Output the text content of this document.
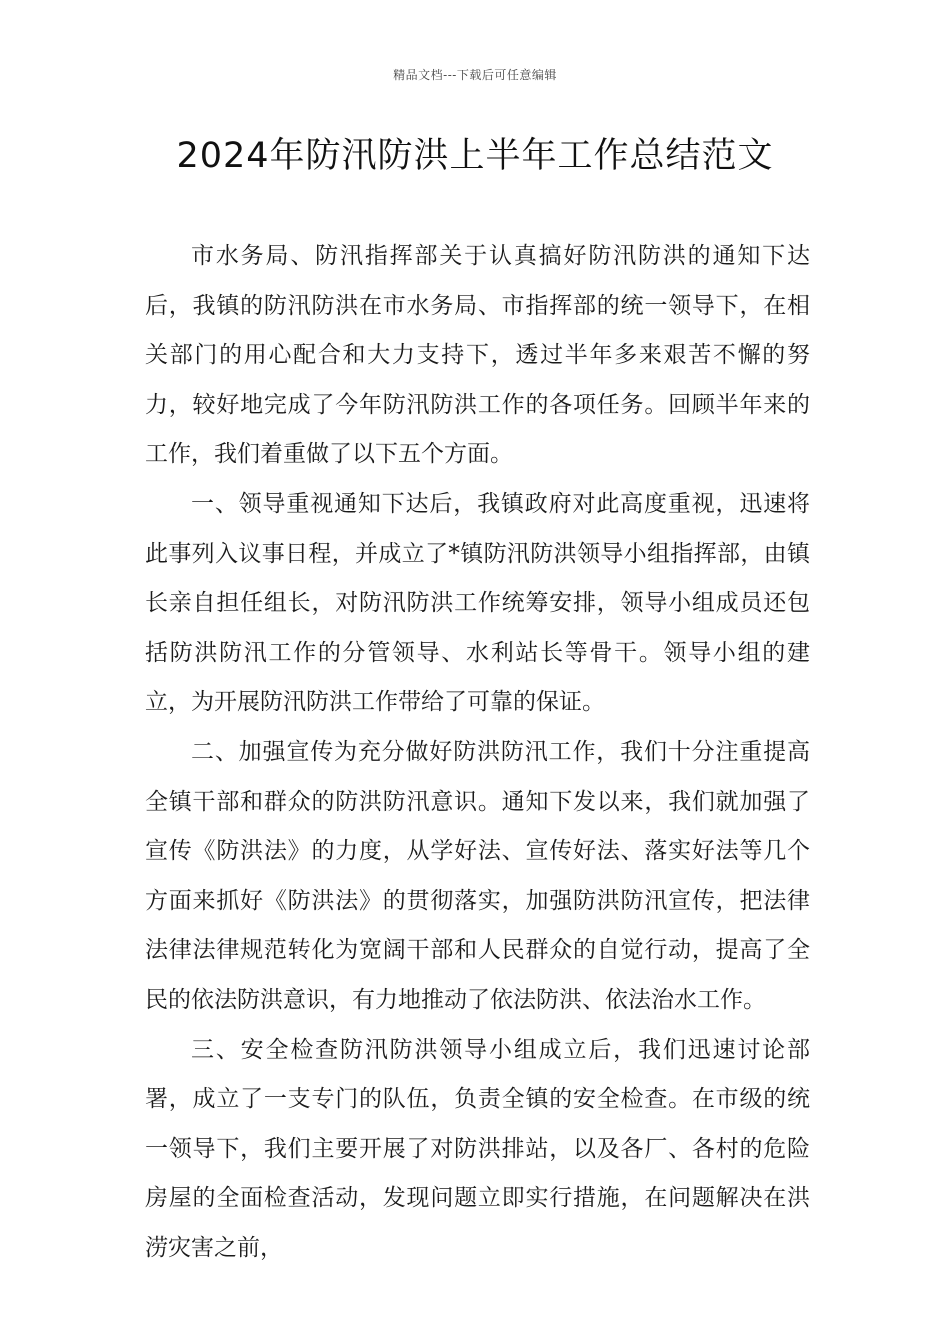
精品文档---下载后可任意编辑
2024年防汛防洪上半年工作总结范文

市水务局、防汛指挥部关于认真搞好防汛防洪的通知下达后，我镇的防汛防洪在市水务局、市指挥部的统一领导下，在相关部门的用心配合和大力支持下，透过半年多来艰苦不懈的努力，较好地完成了今年防汛防洪工作的各项任务。回顾半年来的工作，我们着重做了以下五个方面。

一、领导重视通知下达后，我镇政府对此高度重视，迅速将此事列入议事日程，并成立了*镇防汛防洪领导小组指挥部，由镇长亲自担任组长，对防汛防洪工作统筹安排，领导小组成员还包括防洪防汛工作的分管领导、水利站长等骨干。领导小组的建立，为开展防汛防洪工作带给了可靠的保证。

二、加强宣传为充分做好防洪防汛工作，我们十分注重提高全镇干部和群众的防洪防汛意识。通知下发以来，我们就加强了宣传《防洪法》的力度，从学好法、宣传好法、落实好法等几个方面来抓好《防洪法》的贯彻落实，加强防洪防汛宣传，把法律法律法律规范转化为宽阔干部和人民群众的自觉行动，提高了全民的依法防洪意识，有力地推动了依法防洪、依法治水工作。

三、安全检查防汛防洪领导小组成立后，我们迅速讨论部署，成立了一支专门的队伍，负责全镇的安全检查。在市级的统一领导下，我们主要开展了对防洪排站，以及各厂、各村的危险房屋的全面检查活动，发现问题立即实行措施，在问题解决在洪涝灾害之前，
